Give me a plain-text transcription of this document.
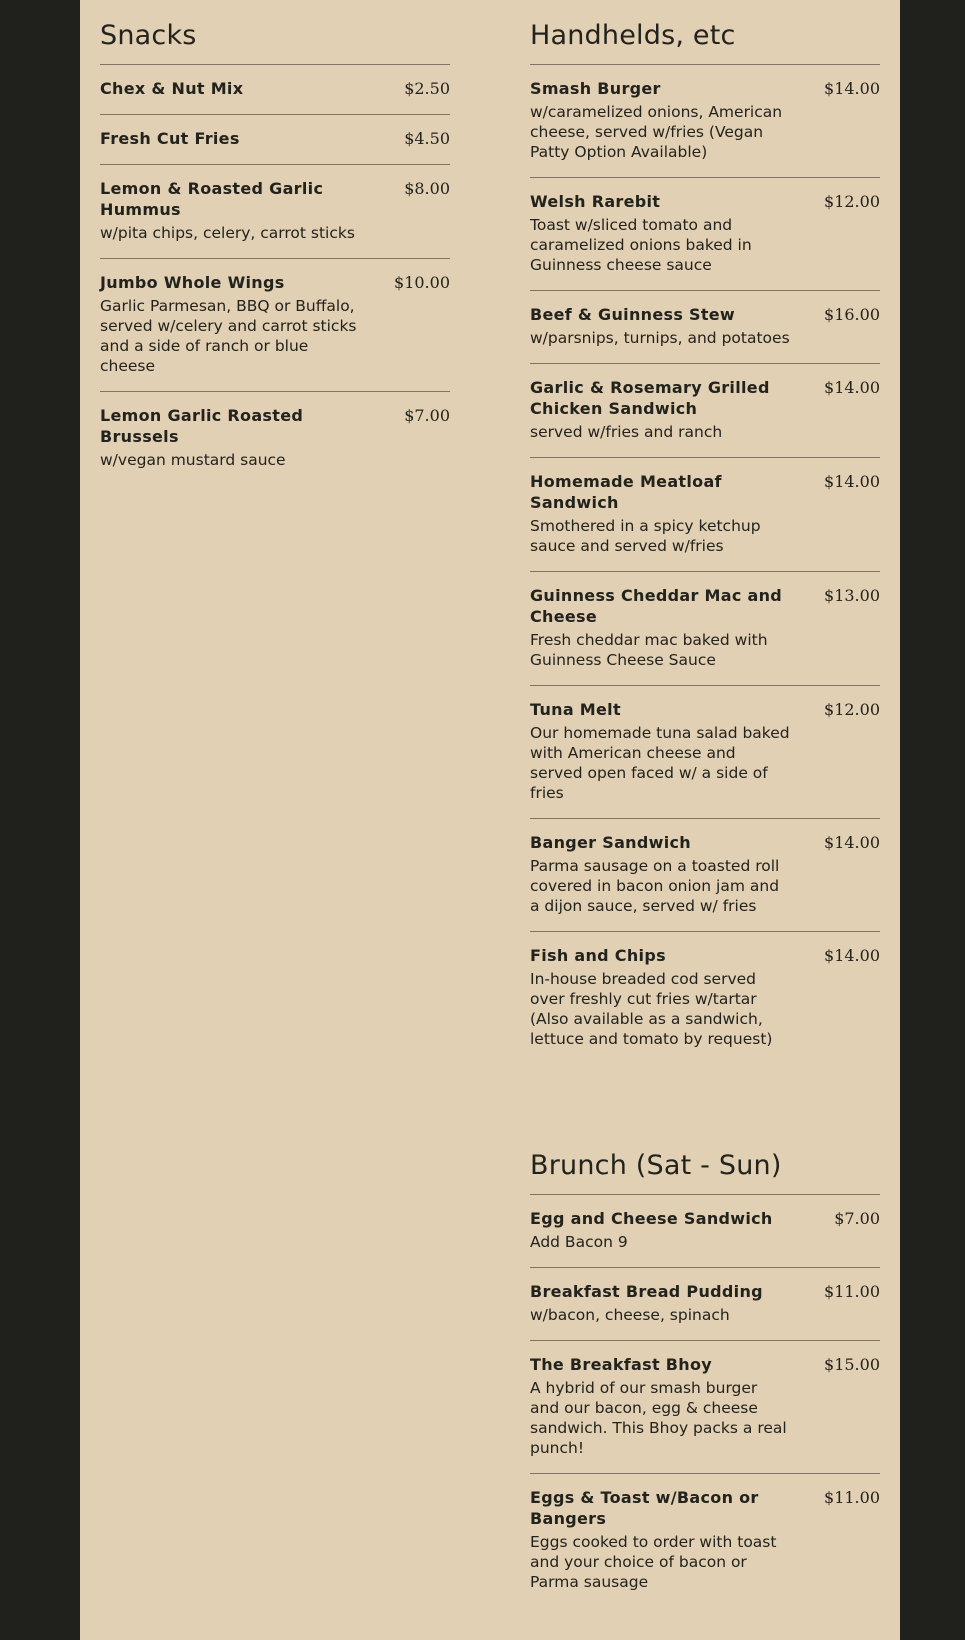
Snacks
Chex & Nut Mix	$2.50
Fresh Cut Fries	$4.50
Lemon & Roasted Garlic Hummus
$8.00
w/pita chips, celery, carrot sticks
Jumbo Whole Wings	$10.00
Garlic Parmesan, BBQ or Buffalo, served w/celery and carrot sticks and a side of ranch or blue cheese
Lemon Garlic Roasted Brussels
$7.00
w/vegan mustard sauce
Handhelds, etc
Smash Burger	$14.00
w/caramelized onions, American cheese, served w/fries (Vegan Patty Option Available)
Welsh Rarebit	$12.00
Toast w/sliced tomato and caramelized onions baked in Guinness cheese sauce
Beef & Guinness Stew	$16.00
w/parsnips, turnips, and potatoes
Garlic & Rosemary Grilled Chicken Sandwich
$14.00
served w/fries and ranch
Homemade Meatloaf Sandwich
$14.00
Smothered in a spicy ketchup sauce and served w/fries
Guinness Cheddar Mac and Cheese
$13.00
Fresh cheddar mac baked with Guinness Cheese Sauce
Tuna Melt	$12.00
Our homemade tuna salad baked with American cheese and served open faced w/ a side of fries
Banger Sandwich	$14.00
Parma sausage on a toasted roll covered in bacon onion jam and a dijon sauce, served w/ fries
Fish and Chips	$14.00
In-house breaded cod served over freshly cut fries w/tartar (Also available as a sandwich, lettuce and tomato by request)
Brunch (Sat - Sun)
Egg and Cheese Sandwich	$7.00
Add Bacon 9
Breakfast Bread Pudding	$11.00
w/bacon, cheese, spinach
The Breakfast Bhoy	$15.00
A hybrid of our smash burger and our bacon, egg & cheese sandwich. This Bhoy packs a real punch!
Eggs & Toast w/Bacon or Bangers
$11.00
Eggs cooked to order with toast and your choice of bacon or Parma sausage
